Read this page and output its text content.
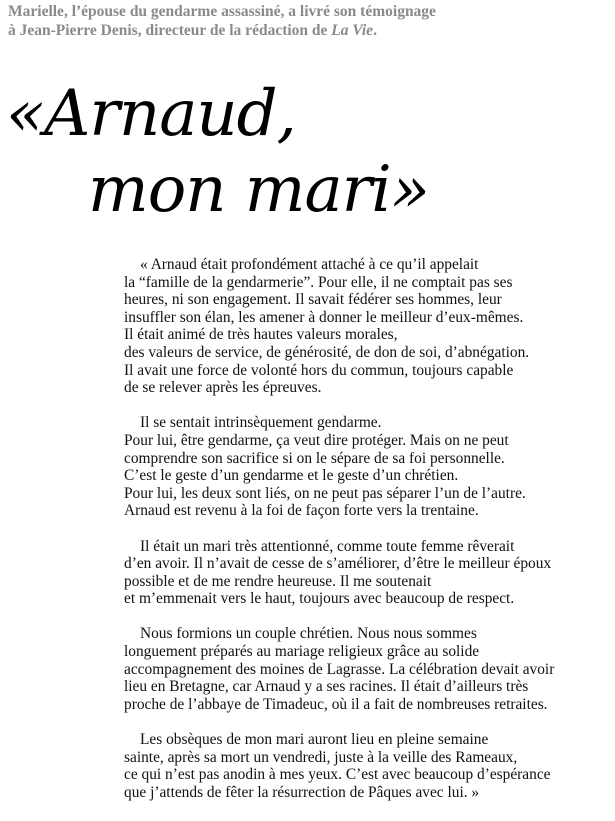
Marielle, l’épouse du gendarme assassiné, a livré son témoignage
à Jean-Pierre Denis, directeur de la rédaction de La Vie.
«Arnaud,
mon mari»

« Arnaud était profondément attaché à ce qu’il appelait
la “famille de la gendarmerie”. Pour elle, il ne comptait pas ses
heures, ni son engagement. Il savait fédérer ses hommes, leur
insuffler son élan, les amener à donner le meilleur d’eux-mêmes.
Il était animé de très hautes valeurs morales,
des valeurs de service, de générosité, de don de soi, d’abnégation.
Il avait une force de volonté hors du commun, toujours capable
de se relever après les épreuves.

Il se sentait intrinsèquement gendarme.
Pour lui, être gendarme, ça veut dire protéger. Mais on ne peut
comprendre son sacrifice si on le sépare de sa foi personnelle.
C’est le geste d’un gendarme et le geste d’un chrétien.
Pour lui, les deux sont liés, on ne peut pas séparer l’un de l’autre.
Arnaud est revenu à la foi de façon forte vers la trentaine.

Il était un mari très attentionné, comme toute femme rêverait
d’en avoir. Il n’avait de cesse de s’améliorer, d’être le meilleur époux
possible et de me rendre heureuse. Il me soutenait
et m’emmenait vers le haut, toujours avec beaucoup de respect.

Nous formions un couple chrétien. Nous nous sommes
longuement préparés au mariage religieux grâce au solide
accompagnement des moines de Lagrasse. La célébration devait avoir
lieu en Bretagne, car Arnaud y a ses racines. Il était d’ailleurs très
proche de l’abbaye de Timadeuc, où il a fait de nombreuses retraites.

Les obsèques de mon mari auront lieu en pleine semaine
sainte, après sa mort un vendredi, juste à la veille des Rameaux,
ce qui n’est pas anodin à mes yeux. C’est avec beaucoup d’espérance
que j’attends de fêter la résurrection de Pâques avec lui. »
